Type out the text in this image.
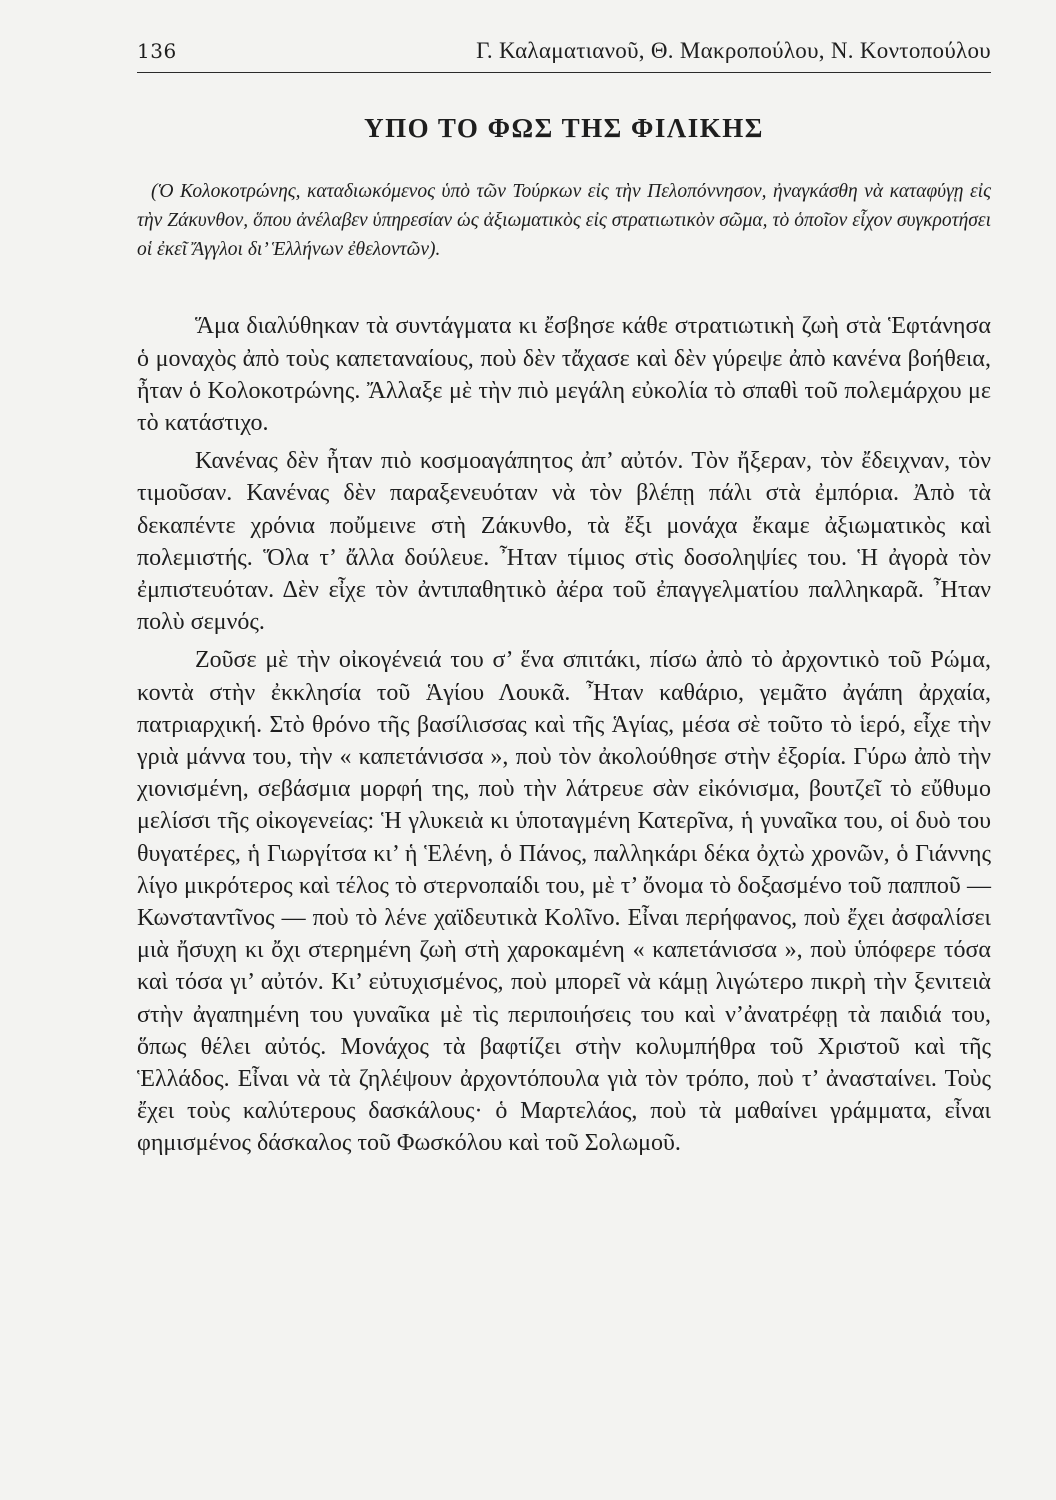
136	Γ. Καλαματιανοῦ, Θ. Μακροπούλου, Ν. Κοντοπούλου
ΥΠΟ ΤΟ ΦΩΣ ΤΗΣ ΦΙΛΙΚΗΣ

(Ὁ Κολοκοτρώνης, καταδιωκόμενος ὑπὸ τῶν Τούρκων εἰς τὴν Πελοπόννησον, ἠναγκάσθη νὰ καταφύγῃ εἰς τὴν Ζάκυνθον, ὅπου ἀνέλαβεν ὑπηρεσίαν ὡς ἀξιωματικὸς εἰς στρατιωτικὸν σῶμα, τὸ ὁποῖον εἶχον συγκροτήσει οἱ ἐκεῖ Ἄγγλοι δι’ Ἑλλήνων ἐθελοντῶν).

Ἅμα διαλύθηκαν τὰ συντάγματα κι ἔσβησε κάθε στρατιωτικὴ ζωὴ στὰ Ἑφτάνησα ὁ μοναχὸς ἀπὸ τοὺς καπεταναίους, ποὺ δὲν τἄχασε καὶ δὲν γύρεψε ἀπὸ κανένα βοήθεια, ἦταν ὁ Κολοκοτρώνης. Ἄλλαξε μὲ τὴν πιὸ μεγάλη εὐκολία τὸ σπαθὶ τοῦ πολεμάρχου με τὸ κατάστιχο.

Κανένας δὲν ἦταν πιὸ κοσμοαγάπητος ἀπ’ αὐτόν. Τὸν ἤξεραν, τὸν ἔδειχναν, τὸν τιμοῦσαν. Κανένας δὲν παραξενευόταν νὰ τὸν βλέπῃ πάλι στὰ ἐμπόρια. Ἀπὸ τὰ δεκαπέντε χρόνια ποὔμεινε στὴ Ζάκυνθο, τὰ ἔξι μονάχα ἔκαμε ἀξιωματικὸς καὶ πολεμιστής. Ὅλα τ’ ἄλλα δούλευε. Ἦταν τίμιος στὶς δοσοληψίες του. Ἡ ἀγορὰ τὸν ἐμπιστευόταν. Δὲν εἶχε τὸν ἀντιπαθητικὸ ἀέρα τοῦ ἐπαγγελματίου παλληκαρᾶ. Ἦταν πολὺ σεμνός.

Ζοῦσε μὲ τὴν οἰκογένειά του σ’ ἕνα σπιτάκι, πίσω ἀπὸ τὸ ἀρχοντικὸ τοῦ Ρώμα, κοντὰ στὴν ἐκκλησία τοῦ Ἁγίου Λουκᾶ. Ἦταν καθάριο, γεμᾶτο ἀγάπη ἀρχαία, πατριαρχική. Στὸ θρόνο τῆς βασίλισσας καὶ τῆς Ἁγίας, μέσα σὲ τοῦτο τὸ ἱερό, εἶχε τὴν γριὰ μάννα του, τὴν « καπετάνισσα », ποὺ τὸν ἀκολούθησε στὴν ἐξορία. Γύρω ἀπὸ τὴν χιονισμένη, σεβάσμια μορφή της, ποὺ τὴν λάτρευε σὰν εἰκόνισμα, βουτζεῖ τὸ εὔθυμο μελίσσι τῆς οἰκογενείας: Ἡ γλυκειὰ κι ὑποταγμένη Κατερῖνα, ἡ γυναῖκα του, οἱ δυὸ του θυγατέρες, ἡ Γιωργίτσα κι’ ἡ Ἑλένη, ὁ Πάνος, παλληκάρι δέκα ὀχτὼ χρονῶν, ὁ Γιάννης λίγο μικρότερος καὶ τέλος τὸ στερνοπαίδι του, μὲ τ’ ὄνομα τὸ δοξασμένο τοῦ παπποῦ — Κωνσταντῖνος — ποὺ τὸ λένε χαϊδευτικὰ Κολῖνο. Εἶναι περήφανος, ποὺ ἔχει ἀσφαλίσει μιὰ ἤσυχη κι ὄχι στερημένη ζωὴ στὴ χαροκαμένη « καπετάνισσα », ποὺ ὑπόφερε τόσα καὶ τόσα γι’ αὐτόν. Κι’ εὐτυχισμένος, ποὺ μπορεῖ νὰ κάμῃ λιγώτερο πικρὴ τὴν ξενιτειὰ στὴν ἀγαπημένη του γυναῖκα μὲ τὶς περιποιήσεις του καὶ ν’ἀνατρέφῃ τὰ παιδιά του, ὅπως θέλει αὐτός. Μονάχος τὰ βαφτίζει στὴν κολυμπήθρα τοῦ Χριστοῦ καὶ τῆς Ἑλλάδος. Εἶναι νὰ τὰ ζηλέψουν ἀρχοντόπουλα γιὰ τὸν τρόπο, ποὺ τ’ ἀνασταίνει. Τοὺς ἔχει τοὺς καλύτερους δασκάλους· ὁ Μαρτελάος, ποὺ τὰ μαθαίνει γράμματα, εἶναι φημισμένος δάσκαλος τοῦ Φωσκόλου καὶ τοῦ Σολωμοῦ.
